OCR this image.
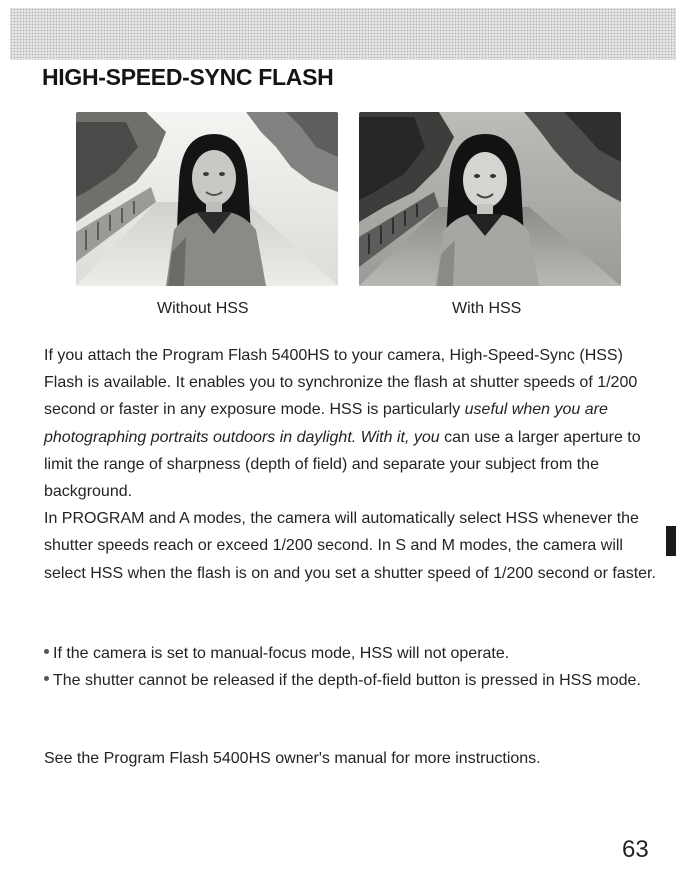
HIGH-SPEED-SYNC FLASH
Without HSS	With HSS

If you attach the Program Flash 5400HS to your camera, High-Speed-Sync (HSS) Flash is available. It enables you to synchronize the flash at shutter speeds of 1/200 second or faster in any exposure mode. HSS is particularly useful when you are photographing portraits outdoors in daylight. With it, you can use a larger aperture to limit the range of sharpness (depth of field) and separate your subject from the background.

In PROGRAM and A modes, the camera will automatically select HSS whenever the shutter speeds reach or exceed 1/200 second. In S and M modes, the camera will select HSS when the flash is on and you set a shutter speed of 1/200 second or faster.

If the camera is set to manual-focus mode, HSS will not operate.
The shutter cannot be released if the depth-of-field button is pressed in HSS mode.

See the Program Flash 5400HS owner's manual for more instructions.

63
